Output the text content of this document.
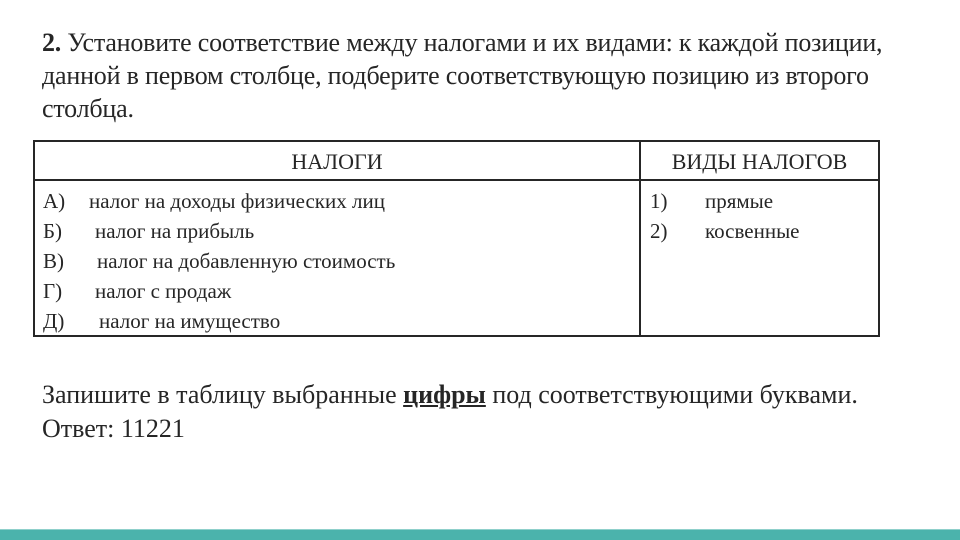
2. Установите соответствие между налогами и их видами: к каждой позиции, данной в первом столбце, подберите соответствующую позицию из второго столбца.
НАЛОГИ	ВИДЫ НАЛОГОВ
А) налог на доходы физических лиц
Б) налог на прибыль
В) налог на добавленную стоимость
Г) налог с продаж
Д) налог на имущество
1) прямые
2) косвенные
Запишите в таблицу выбранные цифры под соответствующими буквами.
Ответ: 11221
